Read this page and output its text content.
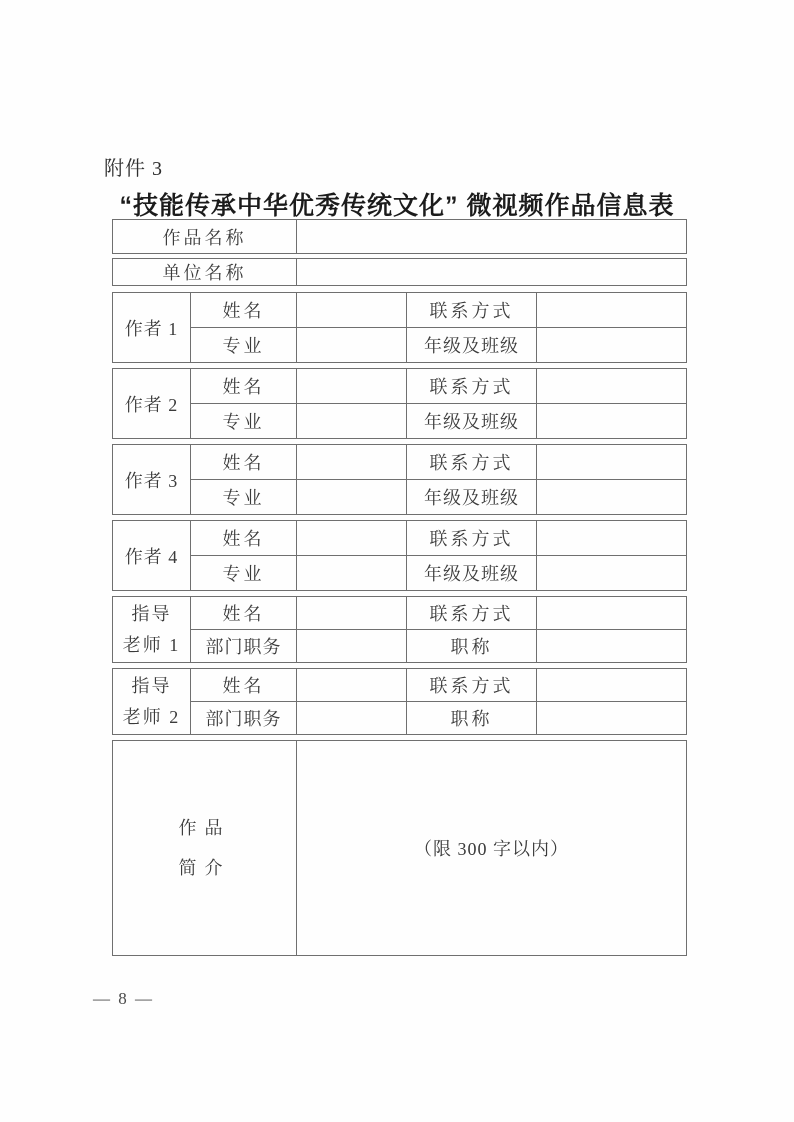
附件 3
“技能传承中华优秀传统文化” 微视频作品信息表
作品名称	
单位名称	
作者 1	姓名		联系方式	
	专业		年级及班级	
作者 2	姓名		联系方式	
	专业		年级及班级	
作者 3	姓名		联系方式	
	专业		年级及班级	
作者 4	姓名		联系方式	
	专业		年级及班级	
指导
老师 1	姓名		联系方式	
	部门职务		职称	
指导
老师 2	姓名		联系方式	
	部门职务		职称	
作品
简介
	（限 300 字以内）
— 8 —
